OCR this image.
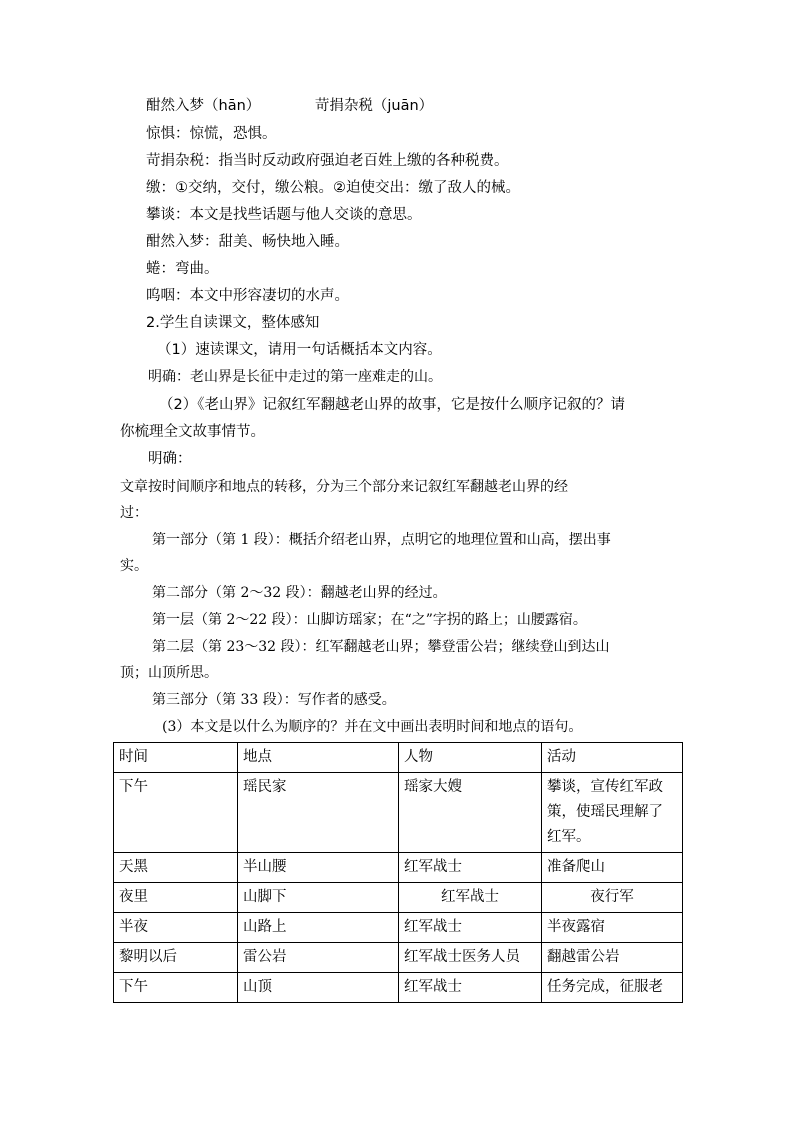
酣然入梦（hān）	苛捐杂税（juān）
惊惧：惊慌，恐惧。
苛捐杂税：指当时反动政府强迫老百姓上缴的各种税费。
缴：①交纳，交付，缴公粮。②迫使交出：缴了敌人的械。
攀谈：本文是找些话题与他人交谈的意思。
酣然入梦：甜美、畅快地入睡。
蜷：弯曲。
呜咽：本文中形容凄切的水声。
2.学生自读课文，整体感知
（1）速读课文，请用一句话概括本文内容。
明确：老山界是长征中走过的第一座难走的山。
（2）《老山界》记叙红军翻越老山界的故事，它是按什么顺序记叙的？请
你梳理全文故事情节。
明确：
文章按时间顺序和地点的转移，分为三个部分来记叙红军翻越老山界的经
过：
第一部分（第 1 段）：概括介绍老山界，点明它的地理位置和山高，摆出事
实。
第二部分（第 2～32 段）：翻越老山界的经过。
第一层（第 2～22 段）：山脚访瑶家；在“之”字拐的路上；山腰露宿。
第二层（第 23～32 段）：红军翻越老山界；攀登雷公岩；继续登山到达山
顶；山顶所思。
第三部分（第 33 段）：写作者的感受。
(3）本文是以什么为顺序的？并在文中画出表明时间和地点的语句。
时间	地点	人物	活动
下午	瑶民家	瑶家大嫂	攀谈，宣传红军政策，使瑶民理解了红军。
天黑	半山腰	红军战士	准备爬山
夜里	山脚下	红军战士	夜行军
半夜	山路上	红军战士	半夜露宿
黎明以后	雷公岩	红军战士医务人员	翻越雷公岩
下午	山顶	红军战士	任务完成，征服老
